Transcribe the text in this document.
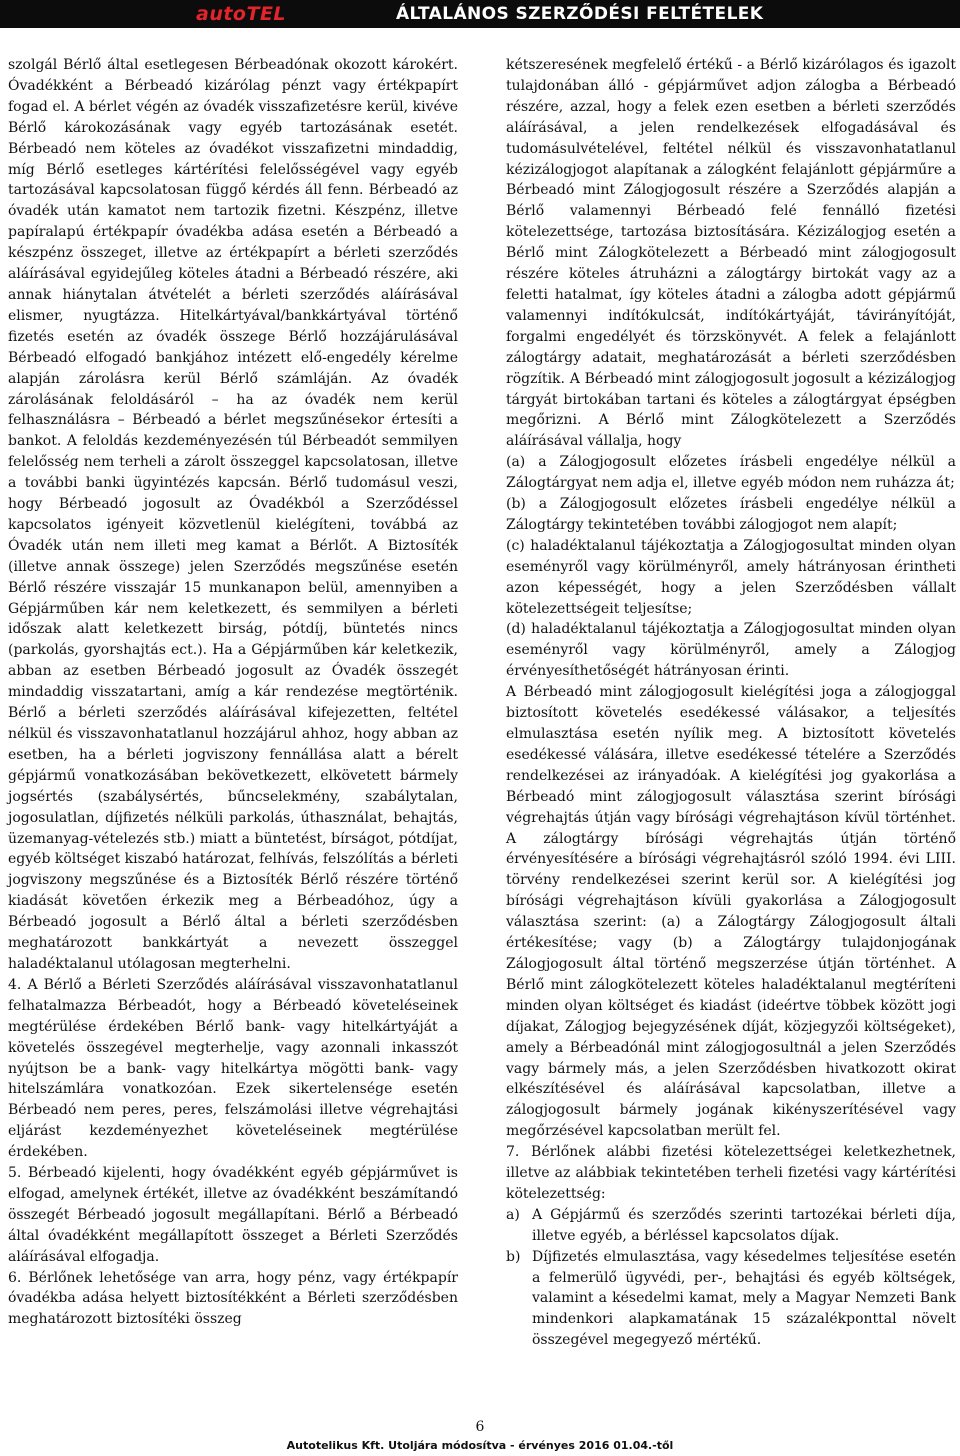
autoTEL	ÁLTALÁNOS SZERZŐDÉSI FELTÉTELEK

szolgál Bérlő által esetlegesen Bérbeadónak okozott károkért. Óvadékként a Bérbeadó kizárólag pénzt vagy értékpapírt fogad el. A bérlet végén az óvadék visszafizetésre kerül, kivéve Bérlő károkozásának vagy egyéb tartozásának esetét. Bérbeadó nem köteles az óvadékot visszafizetni mindaddig, míg Bérlő esetleges kártérítési felelősségével vagy egyéb tartozásával kapcsolatosan függő kérdés áll fenn. Bérbeadó az óvadék után kamatot nem tartozik fizetni. Készpénz, illetve papíralapú értékpapír óvadékba adása esetén a Bérbeadó a készpénz összeget, illetve az értékpapírt a bérleti szerződés aláírásával egyidejűleg köteles átadni a Bérbeadó részére, aki annak hiánytalan átvételét a bérleti szerződés aláírásával elismer, nyugtázza. Hitelkártyával/bankkártyával történő fizetés esetén az óvadék összege Bérlő hozzájárulásával Bérbeadó elfogadó bankjához intézett elő-engedély kérelme alapján zárolásra kerül Bérlő számláján. Az óvadék zárolásának feloldásáról – ha az óvadék nem kerül felhasználásra – Bérbeadó a bérlet megszűnésekor értesíti a bankot. A feloldás kezdeményezésén túl Bérbeadót semmilyen felelősség nem terheli a zárolt összeggel kapcsolatosan, illetve a további banki ügyintézés kapcsán. Bérlő tudomásul veszi, hogy Bérbeadó jogosult az Óvadékból a Szerződéssel kapcsolatos igényeit közvetlenül kielégíteni, továbbá az Óvadék után nem illeti meg kamat a Bérlőt. A Biztosíték (illetve annak összege) jelen Szerződés megszűnése esetén Bérlő részére visszajár 15 munkanapon belül, amennyiben a Gépjárműben kár nem keletkezett, és semmilyen a bérleti időszak alatt keletkezett birság, pótdíj, büntetés nincs (parkolás, gyorshajtás ect.). Ha a Gépjárműben kár keletkezik, abban az esetben Bérbeadó jogosult az Óvadék összegét mindaddig visszatartani, amíg a kár rendezése megtörténik. Bérlő a bérleti szerződés aláírásával kifejezetten, feltétel nélkül és visszavonhatatlanul hozzájárul ahhoz, hogy abban az esetben, ha a bérleti jogviszony fennállása alatt a bérelt gépjármű vonatkozásában bekövetkezett, elkövetett bármely jogsértés (szabálysértés, bűncselekmény, szabálytalan, jogosulatlan, díjfizetés nélküli parkolás, úthasználat, behajtás, üzemanyag-vételezés stb.) miatt a büntetést, bírságot, pótdíjat, egyéb költséget kiszabó határozat, felhívás, felszólítás a bérleti jogviszony megszűnése és a Biztosíték Bérlő részére történő kiadását követően érkezik meg a Bérbeadóhoz, úgy a Bérbeadó jogosult a Bérlő által a bérleti szerződésben meghatározott bankkártyát a nevezett összeggel haladéktalanul utólagosan megterhelni.

4. A Bérlő a Bérleti Szerződés aláírásával visszavonhatatlanul felhatalmazza Bérbeadót, hogy a Bérbeadó követeléseinek megtérülése érdekében Bérlő bank- vagy hitelkártyáját a követelés összegével megterhelje, vagy azonnali inkasszót nyújtson be a bank- vagy hitelkártya mögötti bank- vagy hitelszámlára vonatkozóan. Ezek sikertelensége esetén Bérbeadó nem peres, peres, felszámolási illetve végrehajtási eljárást kezdeményezhet követeléseinek megtérülése érdekében.

5. Bérbeadó kijelenti, hogy óvadékként egyéb gépjárművet is elfogad, amelynek értékét, illetve az óvadékként beszámítandó összegét Bérbeadó jogosult megállapítani. Bérlő a Bérbeadó által óvadékként megállapított összeget a Bérleti Szerződés aláírásával elfogadja.

6. Bérlőnek lehetősége van arra, hogy pénz, vagy értékpapír óvadékba adása helyett biztosítékként a Bérleti szerződésben meghatározott biztosítéki összeg

kétszeresének megfelelő értékű - a Bérlő kizárólagos és igazolt tulajdonában álló - gépjárművet adjon zálogba a Bérbeadó részére, azzal, hogy a felek ezen esetben a bérleti szerződés aláírásával, a jelen rendelkezések elfogadásával és tudomásulvételével, feltétel nélkül és visszavonhatatlanul kézizálogjogot alapítanak a zálogként felajánlott gépjárműre a Bérbeadó mint Zálogjogosult részére a Szerződés alapján a Bérlő valamennyi Bérbeadó felé fennálló fizetési kötelezettsége, tartozása biztosítására. Kézizálogjog esetén a Bérlő mint Zálogkötelezett a Bérbeadó mint zálogjogosult részére köteles átruházni a zálogtárgy birtokát vagy az a feletti hatalmat, így köteles átadni a zálogba adott gépjármű valamennyi indítókulcsát, indítókártyáját, távirányítóját, forgalmi engedélyét és törzskönyvét. A felek a felajánlott zálogtárgy adatait, meghatározását a bérleti szerződésben rögzítik. A Bérbeadó mint zálogjogosult jogosult a kézizálogjog tárgyát birtokában tartani és köteles a zálogtárgyat épségben megőrizni. A Bérlő mint Zálogkötelezett a Szerződés aláírásával vállalja, hogy

(a) a Zálogjogosult előzetes írásbeli engedélye nélkül a Zálogtárgyat nem adja el, illetve egyéb módon nem ruházza át;

(b) a Zálogjogosult előzetes írásbeli engedélye nélkül a Zálogtárgy tekintetében további zálogjogot nem alapít;

(c) haladéktalanul tájékoztatja a Zálogjogosultat minden olyan eseményről vagy körülményről, amely hátrányosan érintheti azon képességét, hogy a jelen Szerződésben vállalt kötelezettségeit teljesítse;

(d) haladéktalanul tájékoztatja a Zálogjogosultat minden olyan eseményről vagy körülményről, amely a Zálogjog érvényesíthetőségét hátrányosan érinti.

A Bérbeadó mint zálogjogosult kielégítési joga a zálogjoggal biztosított követelés esedékessé válásakor, a teljesítés elmulasztása esetén nyílik meg. A biztosított követelés esedékessé válására, illetve esedékessé tételére a Szerződés rendelkezései az irányadóak. A kielégítési jog gyakorlása a Bérbeadó mint zálogjogosult választása szerint bírósági végrehajtás útján vagy bírósági végrehajtáson kívül történhet. A zálogtárgy bírósági végrehajtás útján történő érvényesítésére a bírósági végrehajtásról szóló 1994. évi LIII. törvény rendelkezései szerint kerül sor. A kielégítési jog bírósági végrehajtáson kívüli gyakorlása a Zálogjogosult választása szerint: (a) a Zálogtárgy Zálogjogosult általi értékesítése; vagy (b) a Zálogtárgy tulajdonjogának Zálogjogosult által történő megszerzése útján történhet. A Bérlő mint zálogkötelezett köteles haladéktalanul megtéríteni minden olyan költséget és kiadást (ideértve többek között jogi díjakat, Zálogjog bejegyzésének díját, közjegyzői költségeket), amely a Bérbeadónál mint zálogjogosultnál a jelen Szerződés vagy bármely más, a jelen Szerződésben hivatkozott okirat elkészítésével és aláírásával kapcsolatban, illetve a zálogjogosult bármely jogának kikényszerítésével vagy megőrzésével kapcsolatban merült fel.

7. Bérlőnek alábbi fizetési kötelezettségei keletkezhetnek, illetve az alábbiak tekintetében terheli fizetési vagy kártérítési kötelezettség:

a) A Gépjármű és szerződés szerinti tartozékai bérleti díja, illetve egyéb, a bérléssel kapcsolatos díjak.
b) Díjfizetés elmulasztása, vagy késedelmes teljesítése esetén a felmerülő ügyvédi, per-, behajtási és egyéb költségek, valamint a késedelmi kamat, mely a Magyar Nemzeti Bank mindenkori alapkamatának 15 százalékponttal növelt összegével megegyező mértékű.
6
Autotelikus Kft. Utoljára módosítva - érvényes 2016 01.04.-től
